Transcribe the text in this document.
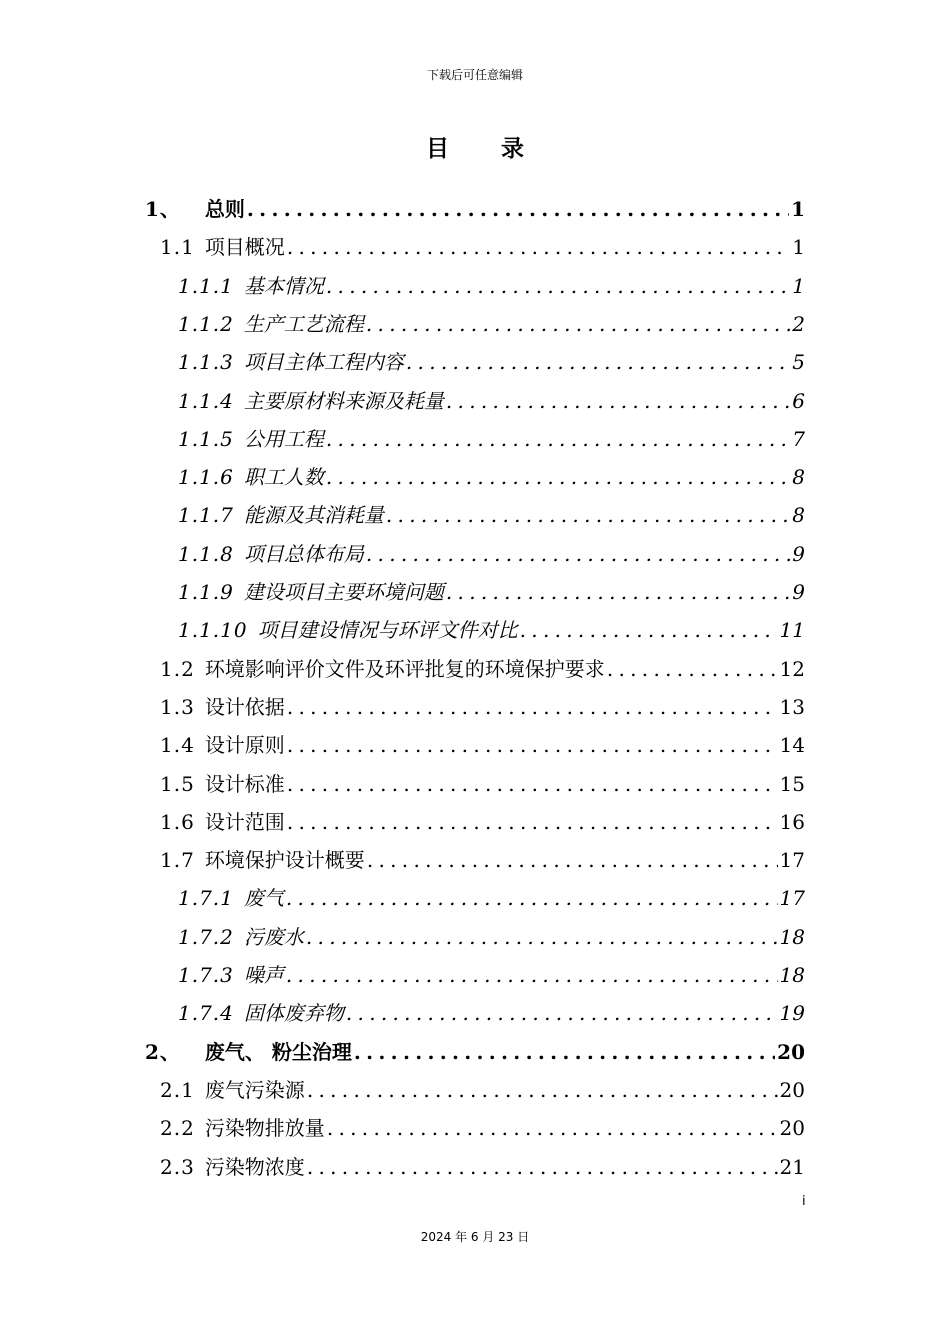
下载后可任意编辑
目 录
1、 总则 .....	1
1.1 项目概况 .....	1
1.1.1 基本情况 .....	1
1.1.2 生产工艺流程 .....	2
1.1.3 项目主体工程内容 .....	5
1.1.4 主要原材料来源及耗量 .....	6
1.1.5 公用工程 .....	7
1.1.6 职工人数 .....	8
1.1.7 能源及其消耗量 .....	8
1.1.8 项目总体布局 .....	9
1.1.9 建设项目主要环境问题 .....	9
1.1.10 项目建设情况与环评文件对比 .....	11
1.2 环境影响评价文件及环评批复的环境保护要求 .....	12
1.3 设计依据 .....	13
1.4 设计原则 .....	14
1.5 设计标准 .....	15
1.6 设计范围 .....	16
1.7 环境保护设计概要 .....	17
1.7.1 废气 .....	17
1.7.2 污废水 .....	18
1.7.3 噪声 .....	18
1.7.4 固体废弃物 .....	19
2、 废气、 粉尘治理 .....	20
2.1 废气污染源 .....	20
2.2 污染物排放量 .....	20
2.3 污染物浓度 .....	21
i
2024 年 6 月 23 日
